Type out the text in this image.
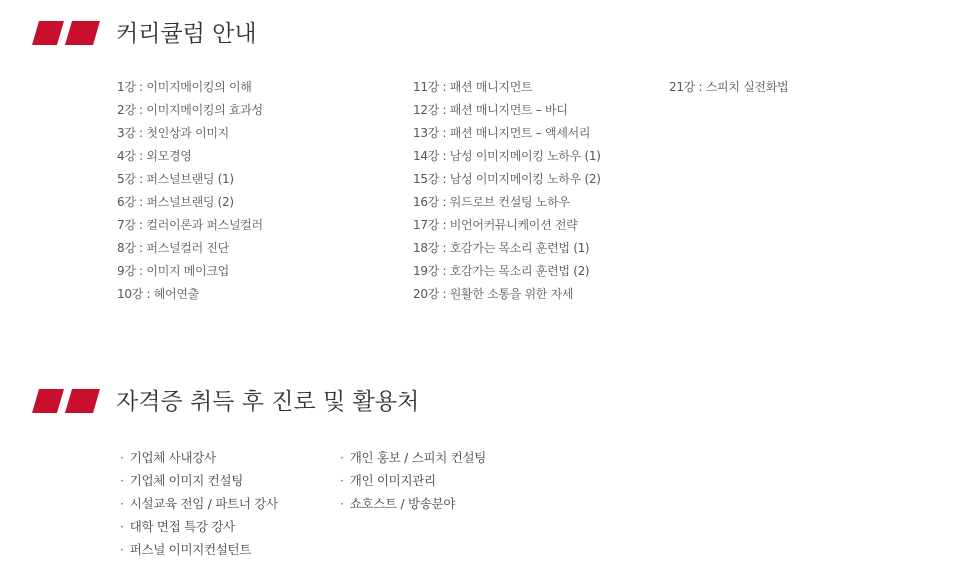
커리큘럼 안내
1강 : 이미지메이킹의 이해
2강 : 이미지메이킹의 효과성
3강 : 첫인상과 이미지
4강 : 외모경영
5강 : 퍼스널브랜딩 (1)
6강 : 퍼스널브랜딩 (2)
7강 : 컬러이론과 퍼스널컬러
8강 : 퍼스널컬러 진단
9강 : 이미지 메이크업
10강 : 헤어연출
11강 : 패션 매니지먼트
12강 : 패션 매니지먼트 – 바디
13강 : 패션 매니지먼트 – 액세서리
14강 : 남성 이미지메이킹 노하우 (1)
15강 : 남성 이미지메이킹 노하우 (2)
16강 : 워드로브 컨설팅 노하우
17강 : 비언어커뮤니케이션 전략
18강 : 호감가는 목소리 훈련법 (1)
19강 : 호감가는 목소리 훈련법 (2)
20강 : 원활한 소통을 위한 자세
21강 : 스피치 실전화법
자격증 취득 후 진로 및 활용처
· 기업체 사내강사
· 기업체 이미지 컨설팅
· 시설교육 전임 / 파트너 강사
· 대학 면접 특강 강사
· 퍼스널 이미지컨설턴트
· 개인 홍보 / 스피치 컨설팅
· 개인 이미지관리
· 쇼호스트 / 방송분야
